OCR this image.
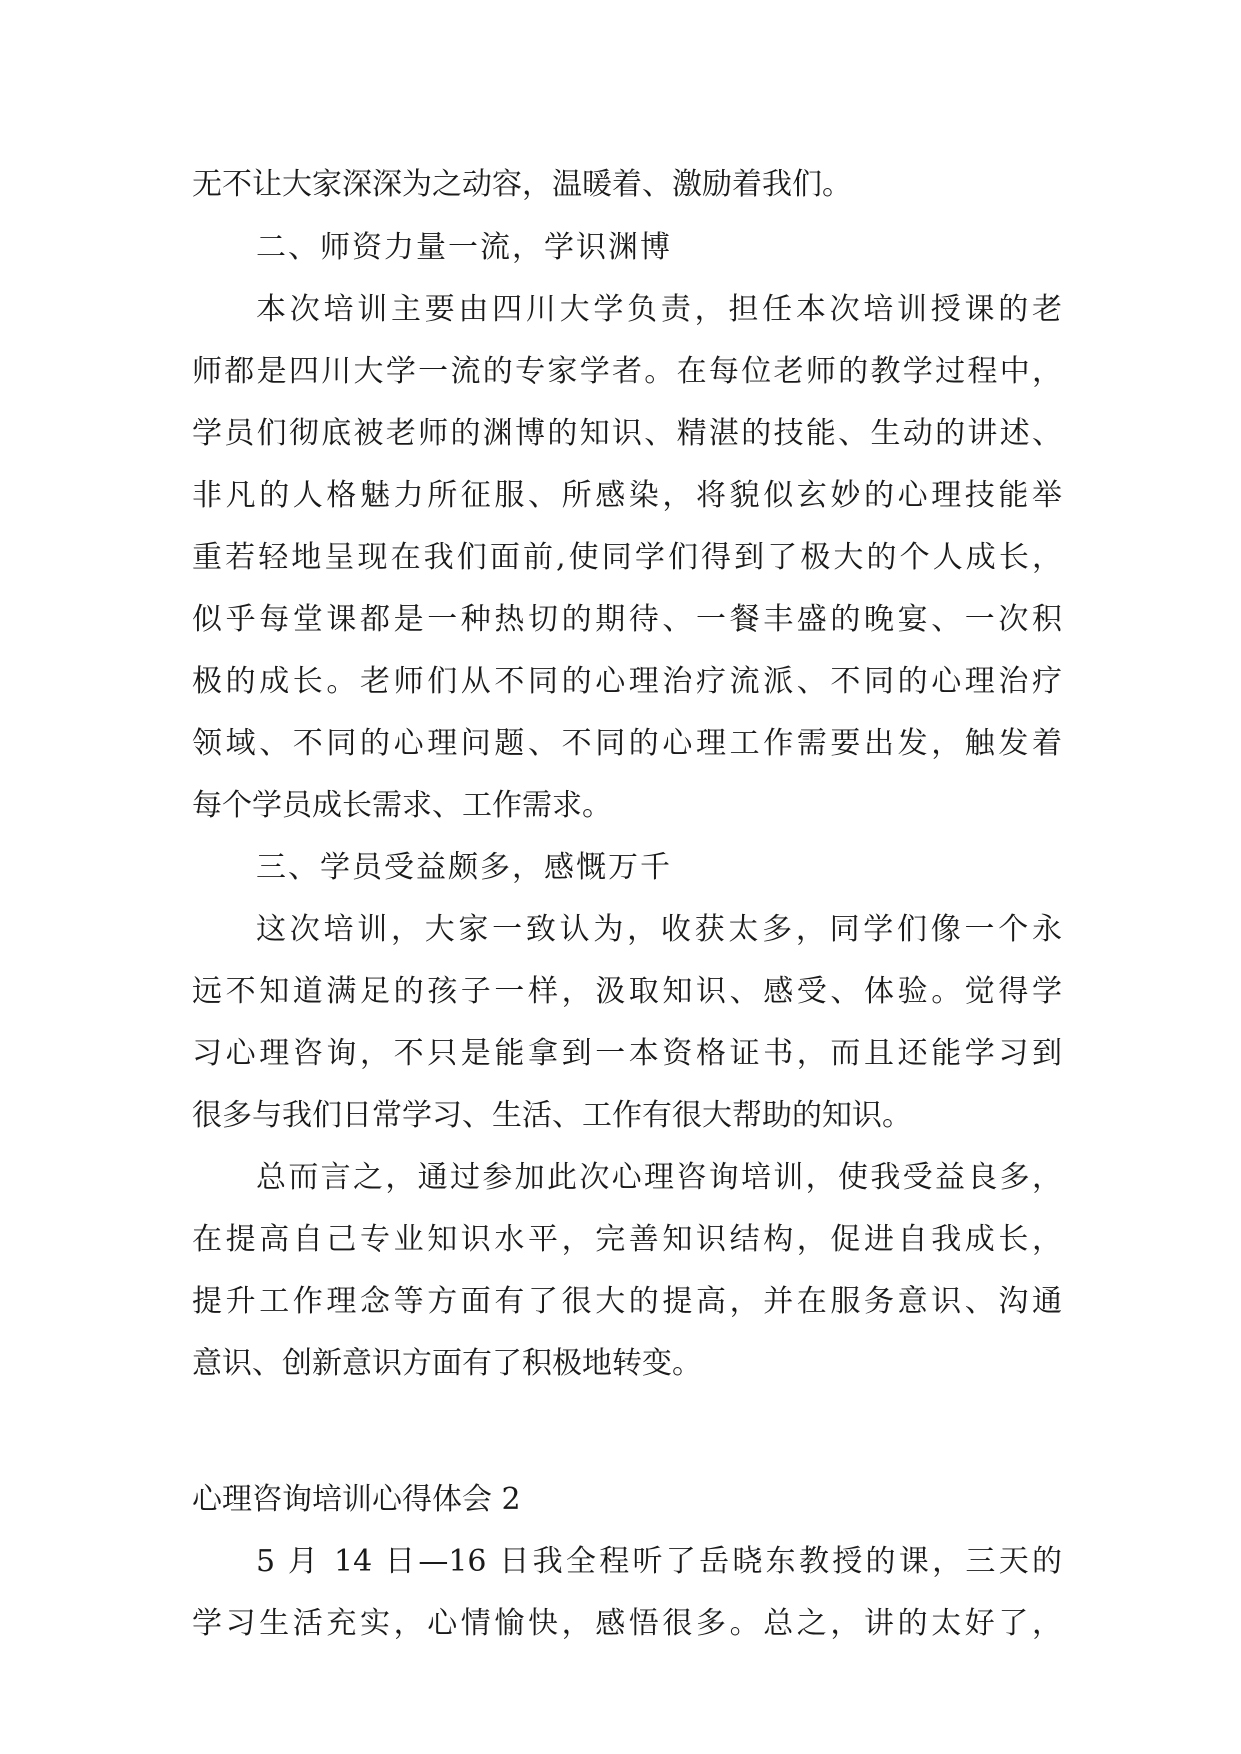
无不让大家深深为之动容，温暖着、激励着我们。
二、师资力量一流，学识渊博
本次培训主要由四川大学负责，担任本次培训授课的老
师都是四川大学一流的专家学者。在每位老师的教学过程中，
学员们彻底被老师的渊博的知识、精湛的技能、生动的讲述、
非凡的人格魅力所征服、所感染，将貌似玄妙的心理技能举
重若轻地呈现在我们面前,使同学们得到了极大的个人成长，
似乎每堂课都是一种热切的期待、一餐丰盛的晚宴、一次积
极的成长。老师们从不同的心理治疗流派、不同的心理治疗
领域、不同的心理问题、不同的心理工作需要出发，触发着
每个学员成长需求、工作需求。
三、学员受益颇多，感慨万千
这次培训，大家一致认为，收获太多，同学们像一个永
远不知道满足的孩子一样，汲取知识、感受、体验。觉得学
习心理咨询，不只是能拿到一本资格证书，而且还能学习到
很多与我们日常学习、生活、工作有很大帮助的知识。
总而言之，通过参加此次心理咨询培训，使我受益良多，
在提高自己专业知识水平，完善知识结构，促进自我成长，
提升工作理念等方面有了很大的提高，并在服务意识、沟通
意识、创新意识方面有了积极地转变。
心理咨询培训心得体会 2
5 月 14 日—16 日我全程听了岳晓东教授的课，三天的
学习生活充实，心情愉快，感悟很多。总之，讲的太好了，
